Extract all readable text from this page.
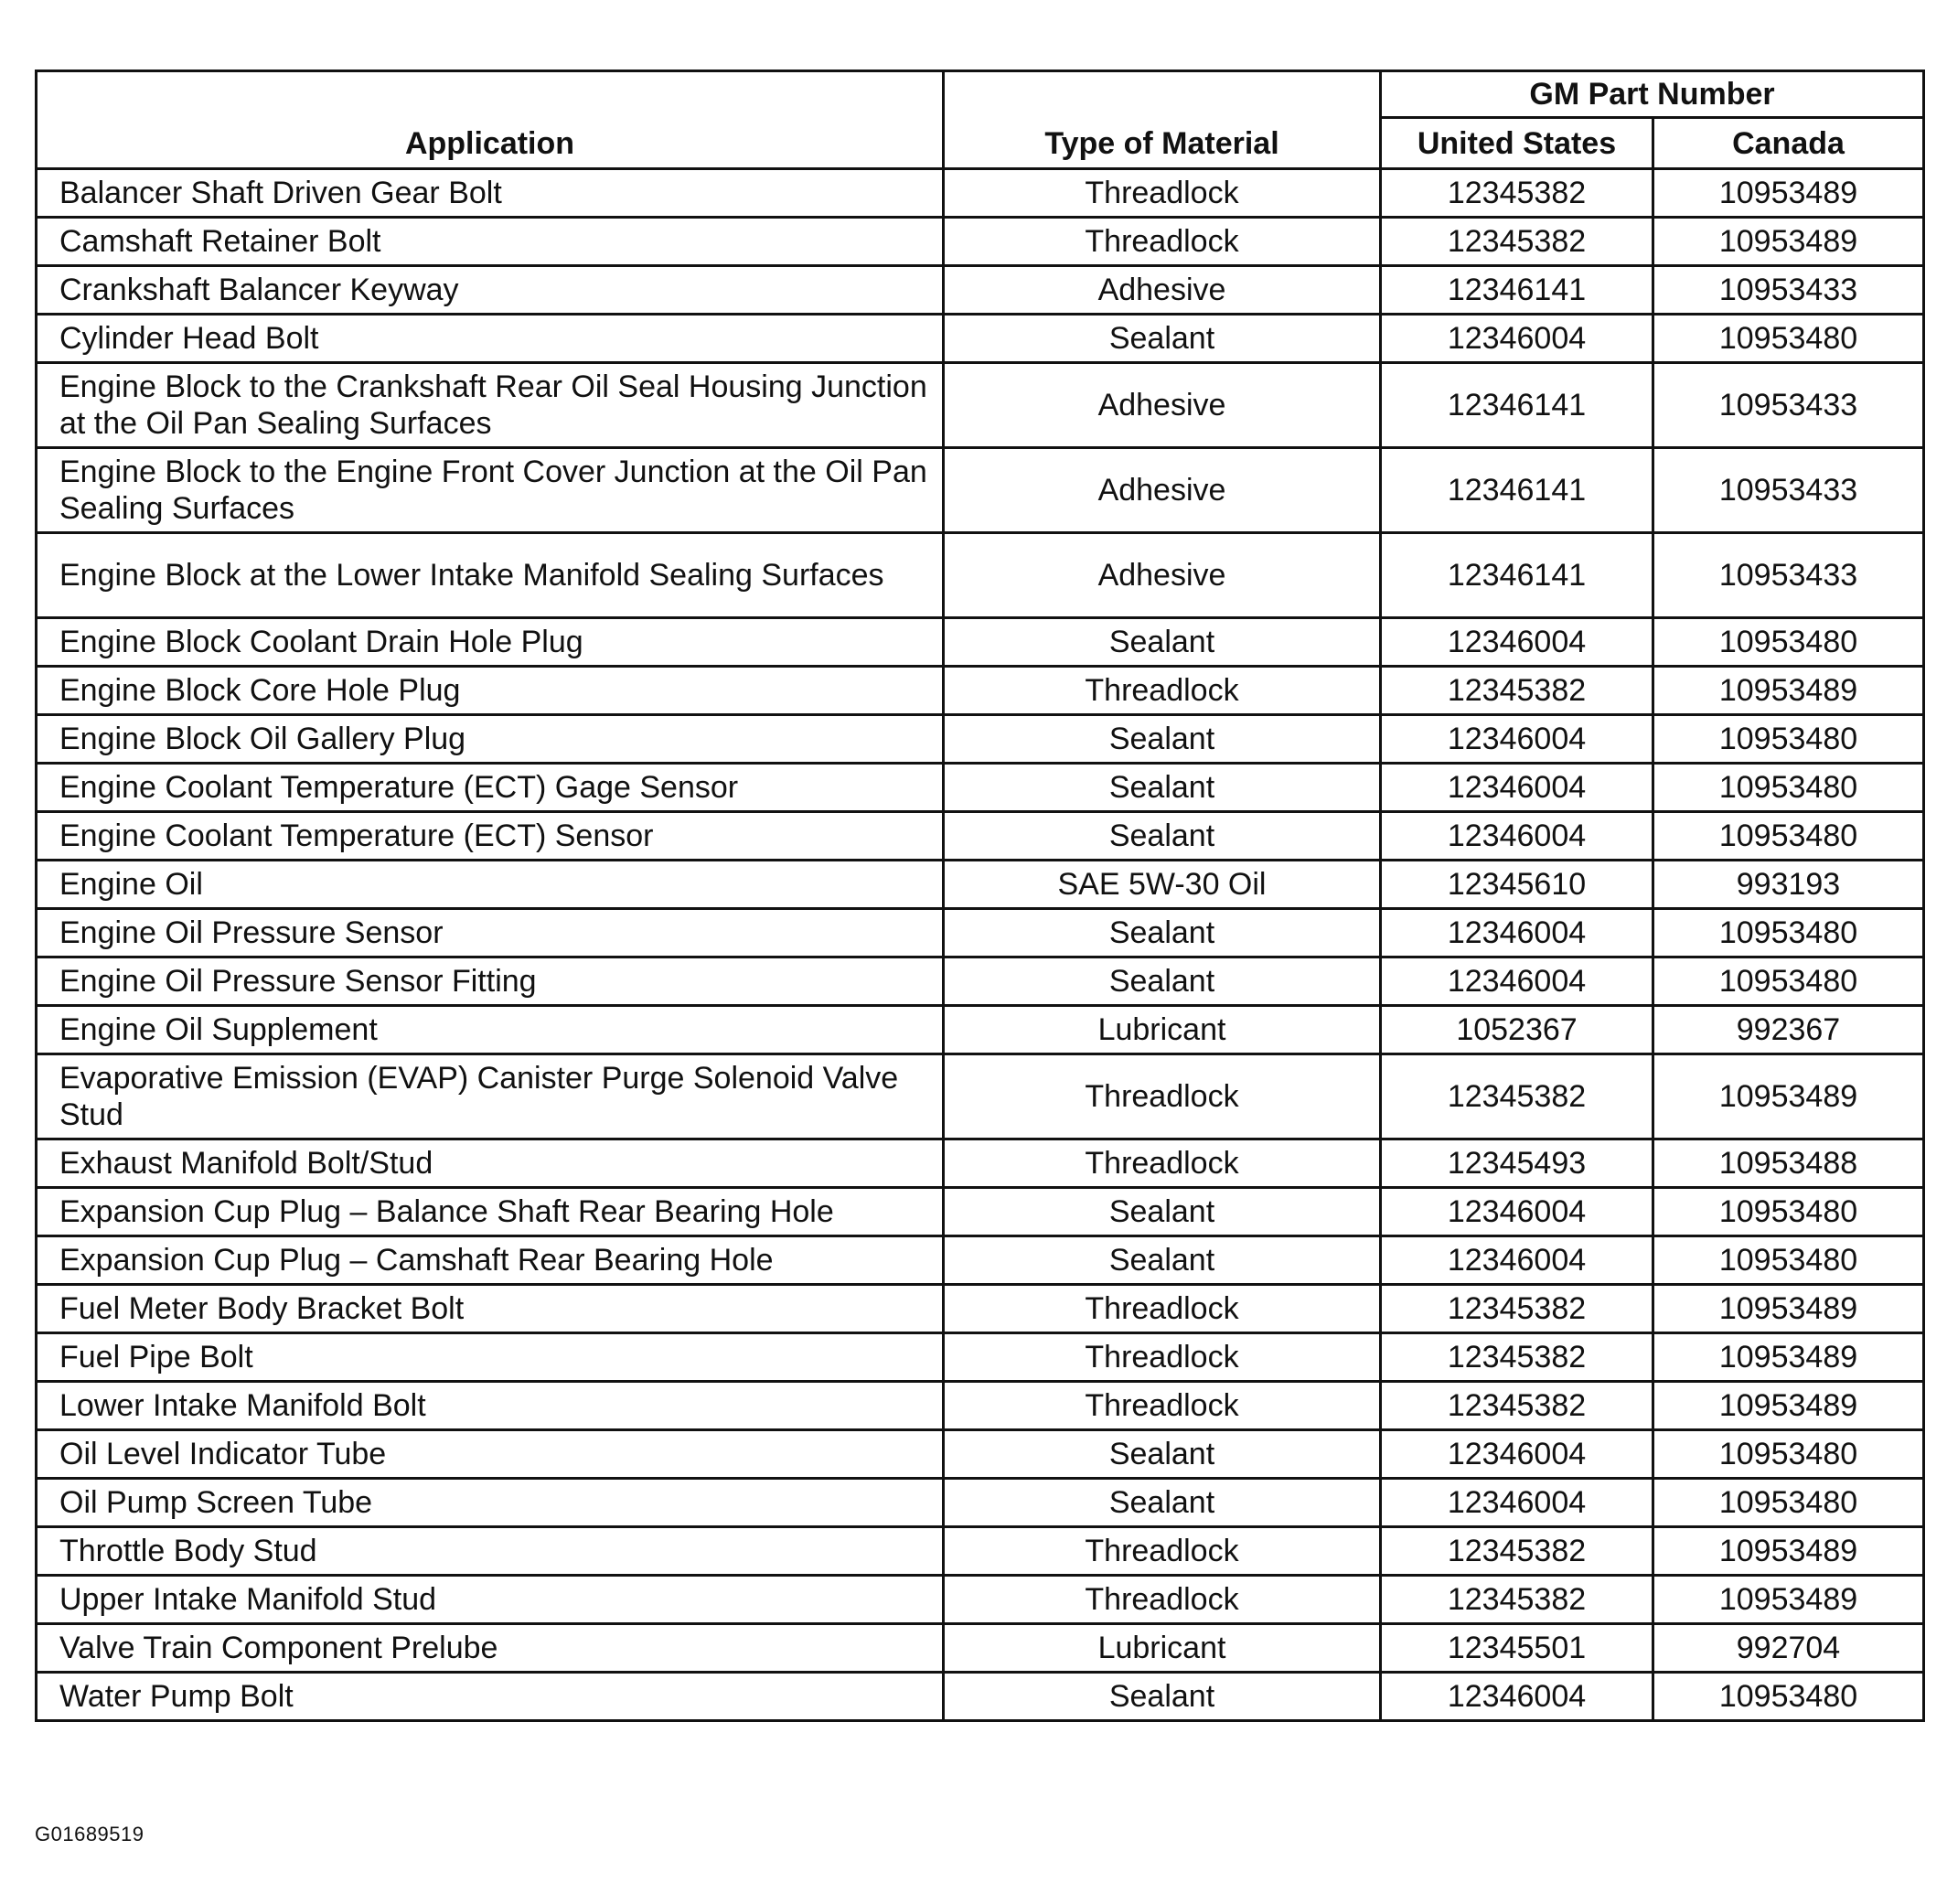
Application	Type of Material	GM Part Number	
		United States	Canada
Balancer Shaft Driven Gear Bolt	Threadlock	12345382	10953489
Camshaft Retainer Bolt	Threadlock	12345382	10953489
Crankshaft Balancer Keyway	Adhesive	12346141	10953433
Cylinder Head Bolt	Sealant	12346004	10953480
Engine Block to the Crankshaft Rear Oil Seal Housing Junction at the Oil Pan Sealing Surfaces	Adhesive	12346141	10953433
Engine Block to the Engine Front Cover Junction at the Oil Pan Sealing Surfaces	Adhesive	12346141	10953433
Engine Block at the Lower Intake Manifold Sealing Surfaces	Adhesive	12346141	10953433
Engine Block Coolant Drain Hole Plug	Sealant	12346004	10953480
Engine Block Core Hole Plug	Threadlock	12345382	10953489
Engine Block Oil Gallery Plug	Sealant	12346004	10953480
Engine Coolant Temperature (ECT) Gage Sensor	Sealant	12346004	10953480
Engine Coolant Temperature (ECT) Sensor	Sealant	12346004	10953480
Engine Oil	SAE 5W-30 Oil	12345610	993193
Engine Oil Pressure Sensor	Sealant	12346004	10953480
Engine Oil Pressure Sensor Fitting	Sealant	12346004	10953480
Engine Oil Supplement	Lubricant	1052367	992367
Evaporative Emission (EVAP) Canister Purge Solenoid Valve Stud	Threadlock	12345382	10953489
Exhaust Manifold Bolt/Stud	Threadlock	12345493	10953488
Expansion Cup Plug – Balance Shaft Rear Bearing Hole	Sealant	12346004	10953480
Expansion Cup Plug – Camshaft Rear Bearing Hole	Sealant	12346004	10953480
Fuel Meter Body Bracket Bolt	Threadlock	12345382	10953489
Fuel Pipe Bolt	Threadlock	12345382	10953489
Lower Intake Manifold Bolt	Threadlock	12345382	10953489
Oil Level Indicator Tube	Sealant	12346004	10953480
Oil Pump Screen Tube	Sealant	12346004	10953480
Throttle Body Stud	Threadlock	12345382	10953489
Upper Intake Manifold Stud	Threadlock	12345382	10953489
Valve Train Component Prelube	Lubricant	12345501	992704
Water Pump Bolt	Sealant	12346004	10953480
G01689519
